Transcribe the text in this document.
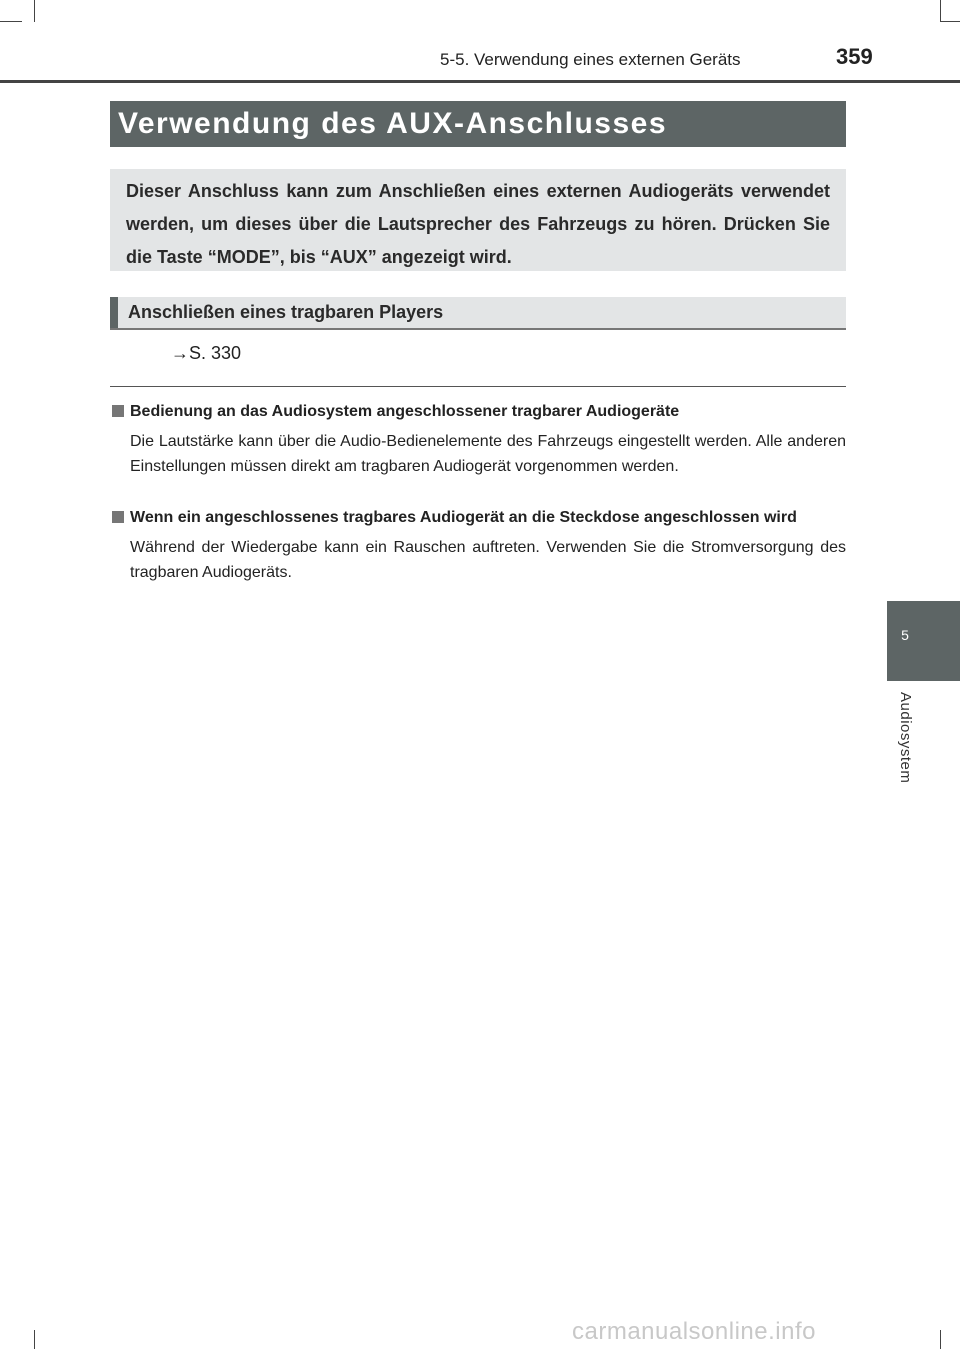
5-5. Verwendung eines externen Geräts	359
Verwendung des AUX-Anschlusses
Dieser Anschluss kann zum Anschließen eines externen Audiogeräts verwendet werden, um dieses über die Lautsprecher des Fahrzeugs zu hören. Drücken Sie die Taste “MODE”, bis “AUX” angezeigt wird.
Anschließen eines tragbaren Players
→S. 330
Bedienung an das Audiosystem angeschlossener tragbarer Audiogeräte
Die Lautstärke kann über die Audio-Bedienelemente des Fahrzeugs eingestellt werden. Alle anderen Einstellungen müssen direkt am tragbaren Audiogerät vorgenommen werden.
Wenn ein angeschlossenes tragbares Audiogerät an die Steckdose angeschlossen wird
Während der Wiedergabe kann ein Rauschen auftreten. Verwenden Sie die Stromversorgung des tragbaren Audiogeräts.
5
Audiosystem
carmanualsonline.info
